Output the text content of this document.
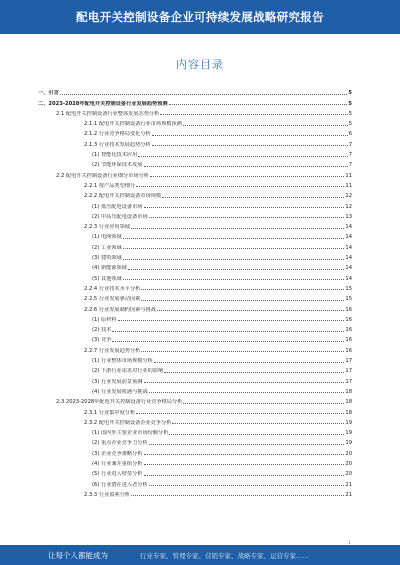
配电开关控制设备企业可持续发展战略研究报告
内容目录
一、引言	5
二、2023-2028年配电开关控制设备行业发展趋势预测	5
2.1 配电开关控制设备行业整体发展态势分析	5
2.1.1 配电开关控制设备行业市场规模预测	5
2.1.2 行业竞争格局变化分析	6
2.1.3 行业技术发展趋势分析	7
(1) 智能化技术应用	7
(2) 节能环保技术发展	7
2.2 配电开关控制设备行业细分市场分析	11
2.2.1 按产品类型细分	11
2.2.2 配电开关控制设备市场规模	12
(1) 低压配电设备市场	12
(2) 中高压配电设备市场	13
2.2.3 行业应用领域	14
(1) 电网领域	14
(2) 工业领域	14
(3) 建筑领域	14
(4) 新能源领域	14
(5) 其他领域	14
2.2.4 行业技术水平分析	15
2.2.5 行业发展驱动因素	15
2.2.6 行业发展制约因素与挑战	16
(1) 原材料	16
(2) 技术	16
(3) 竞争	16
2.2.7 行业发展趋势分析	16
(1) 行业整体市场规模分析	17
(2) 下游行业需求对行业的影响	17
(3) 行业发展前景预测	17
(4) 行业发展机遇与挑战	18
2.3 2023-2028年配电开关控制设备行业竞争格局分析	18
2.3.1 行业集中度分析	18
2.3.2 配电开关控制设备企业竞争分析	19
(1) 国内外主要企业市场份额分析	19
(2) 重点企业竞争力分析	19
(3) 企业竞争策略分析	20
(4) 行业兼并重组分析	20
(5) 行业进入壁垒分析	20
(6) 行业潜在进入者分析	21
2.3.3 行业盈利分析	21
1
让每个人都能成为	行业专家、管理专家、营销专家、战略专家、运营专家……
